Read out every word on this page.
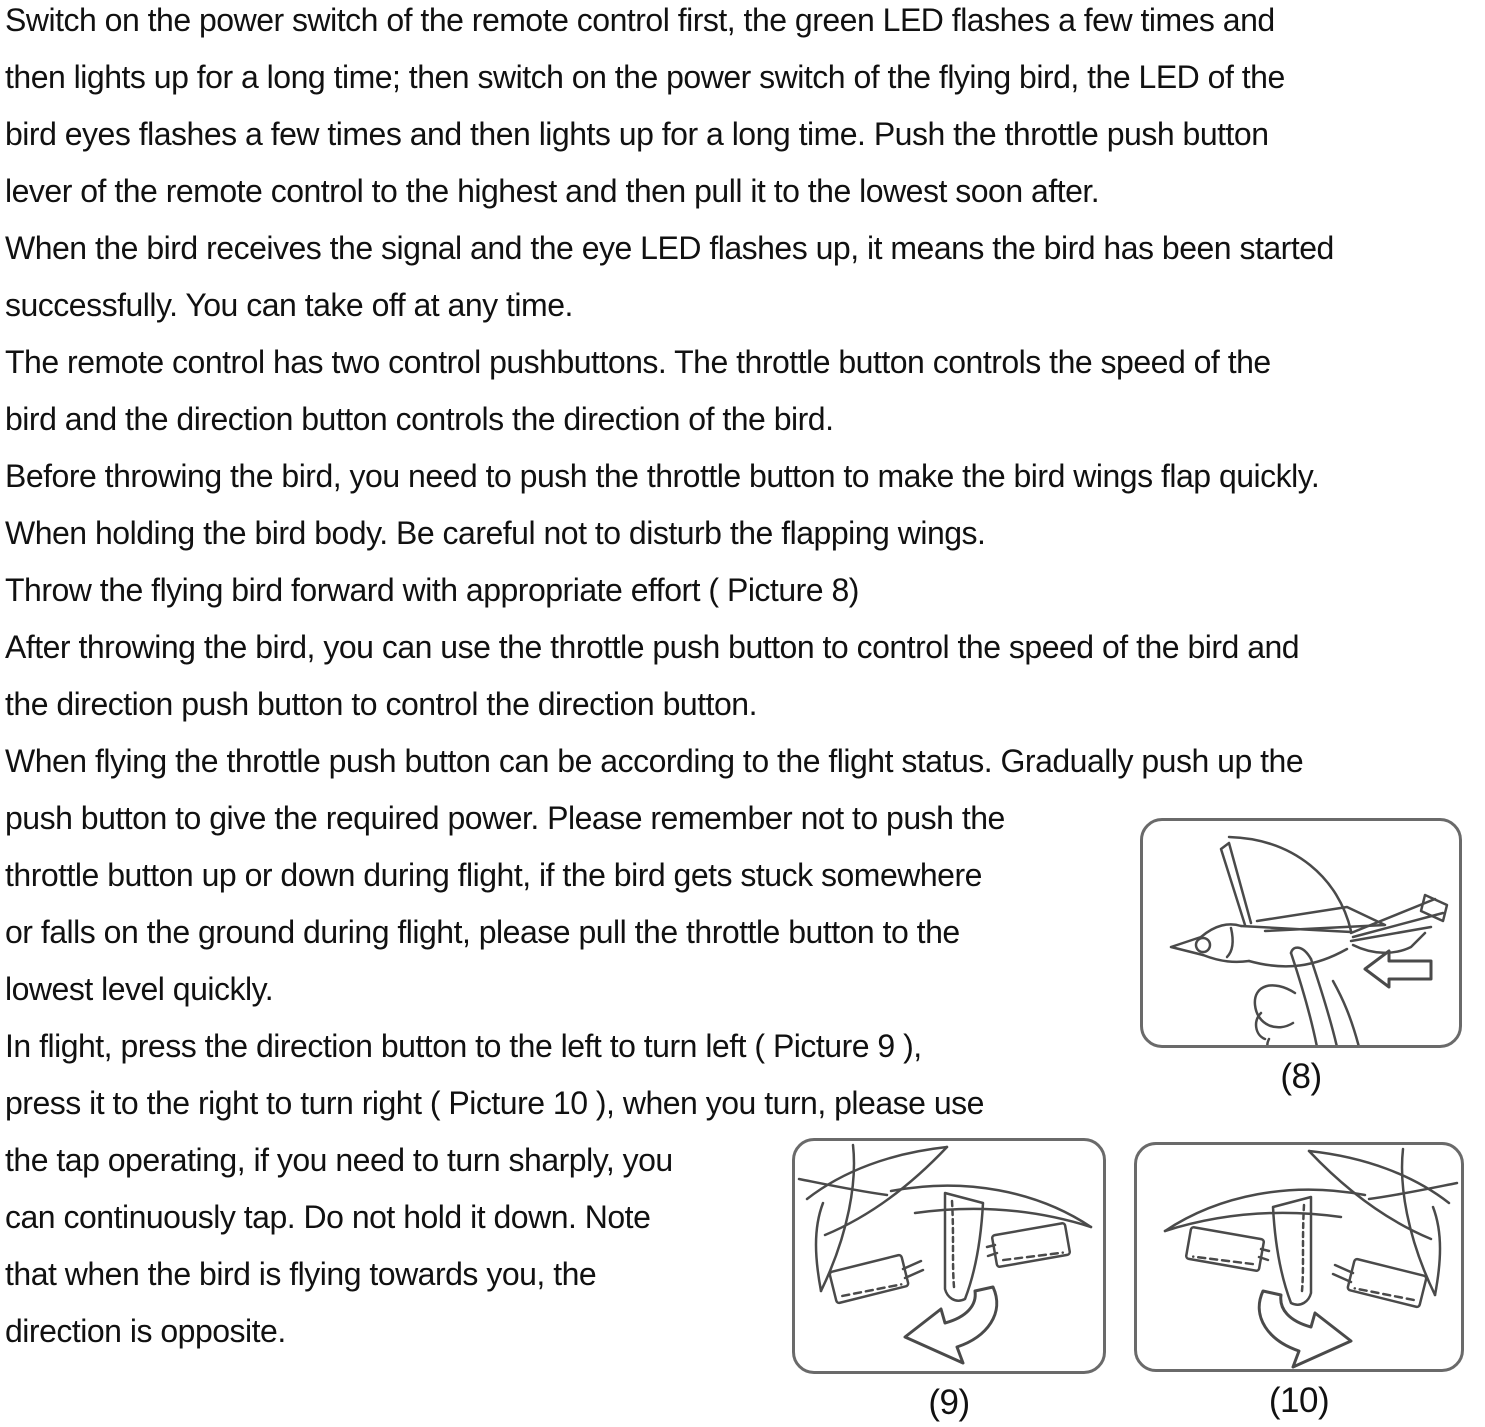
Switch on the power switch of the remote control first, the green LED flashes a few times and
then lights up for a long time; then switch on the power switch of the flying bird, the LED of the
bird eyes flashes a few times and then lights up for a long time. Push the throttle push button
lever of the remote control to the highest and then pull it to the lowest soon after.
When the bird receives the signal and the eye LED flashes up, it means the bird has been started
successfully. You can take off at any time.
The remote control has two control pushbuttons. The throttle button controls the speed of the
bird and the direction button controls the direction of the bird.
Before throwing the bird, you need to push the throttle button to make the bird wings flap quickly.
When holding the bird body. Be careful not to disturb the flapping wings.
Throw the flying bird forward with appropriate effort ( Picture 8)
After throwing the bird, you can use the throttle push button to control the speed of the bird and
the direction push button to control the direction button.
When flying the throttle push button can be according to the flight status. Gradually push up the
push button to give the required power. Please remember not to push the
throttle button up or down during flight, if the bird gets stuck somewhere
or falls on the ground during flight, please pull the throttle button to the
lowest level quickly.
In flight, press the direction button to the left to turn left ( Picture 9 ),
press it to the right to turn right ( Picture 10 ), when you turn, please use
the tap operating, if you need to turn sharply, you
can continuously tap. Do not hold it down. Note
that when the bird is flying towards you, the
direction is opposite.
(8)
(9)	(10)
